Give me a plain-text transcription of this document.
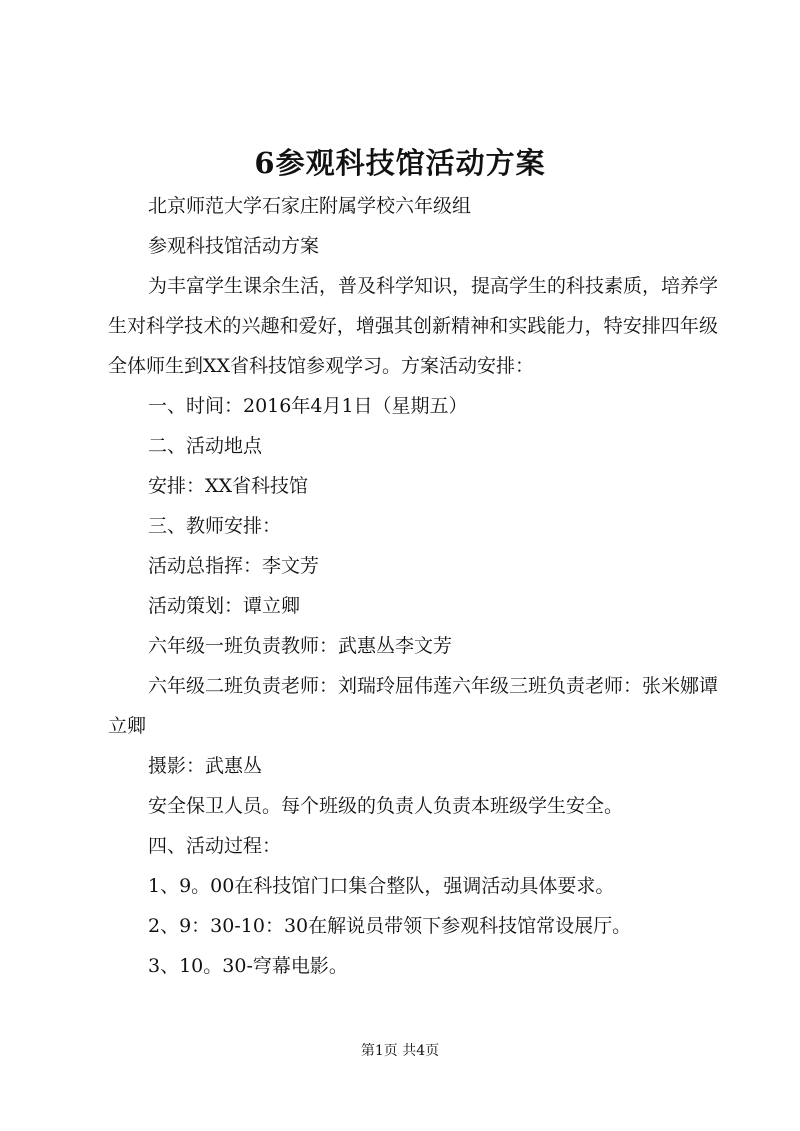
6参观科技馆活动方案

北京师范大学石家庄附属学校六年级组

参观科技馆活动方案

为丰富学生课余生活，普及科学知识，提高学生的科技素质，培养学生对科学技术的兴趣和爱好，增强其创新精神和实践能力，特安排四年级全体师生到XX省科技馆参观学习。方案活动安排：

一、时间：2016年4月1日（星期五）

二、活动地点

安排：XX省科技馆

三、教师安排：

活动总指挥：李文芳

活动策划：谭立卿

六年级一班负责教师：武惠丛李文芳

六年级二班负责老师：刘瑞玲屈伟莲六年级三班负责老师：张米娜谭立卿

摄影：武惠丛

安全保卫人员。每个班级的负责人负责本班级学生安全。

四、活动过程：

1、9。00在科技馆门口集合整队，强调活动具体要求。

2、9：30-10：30在解说员带领下参观科技馆常设展厅。

3、10。30-穹幕电影。

第1页 共4页
